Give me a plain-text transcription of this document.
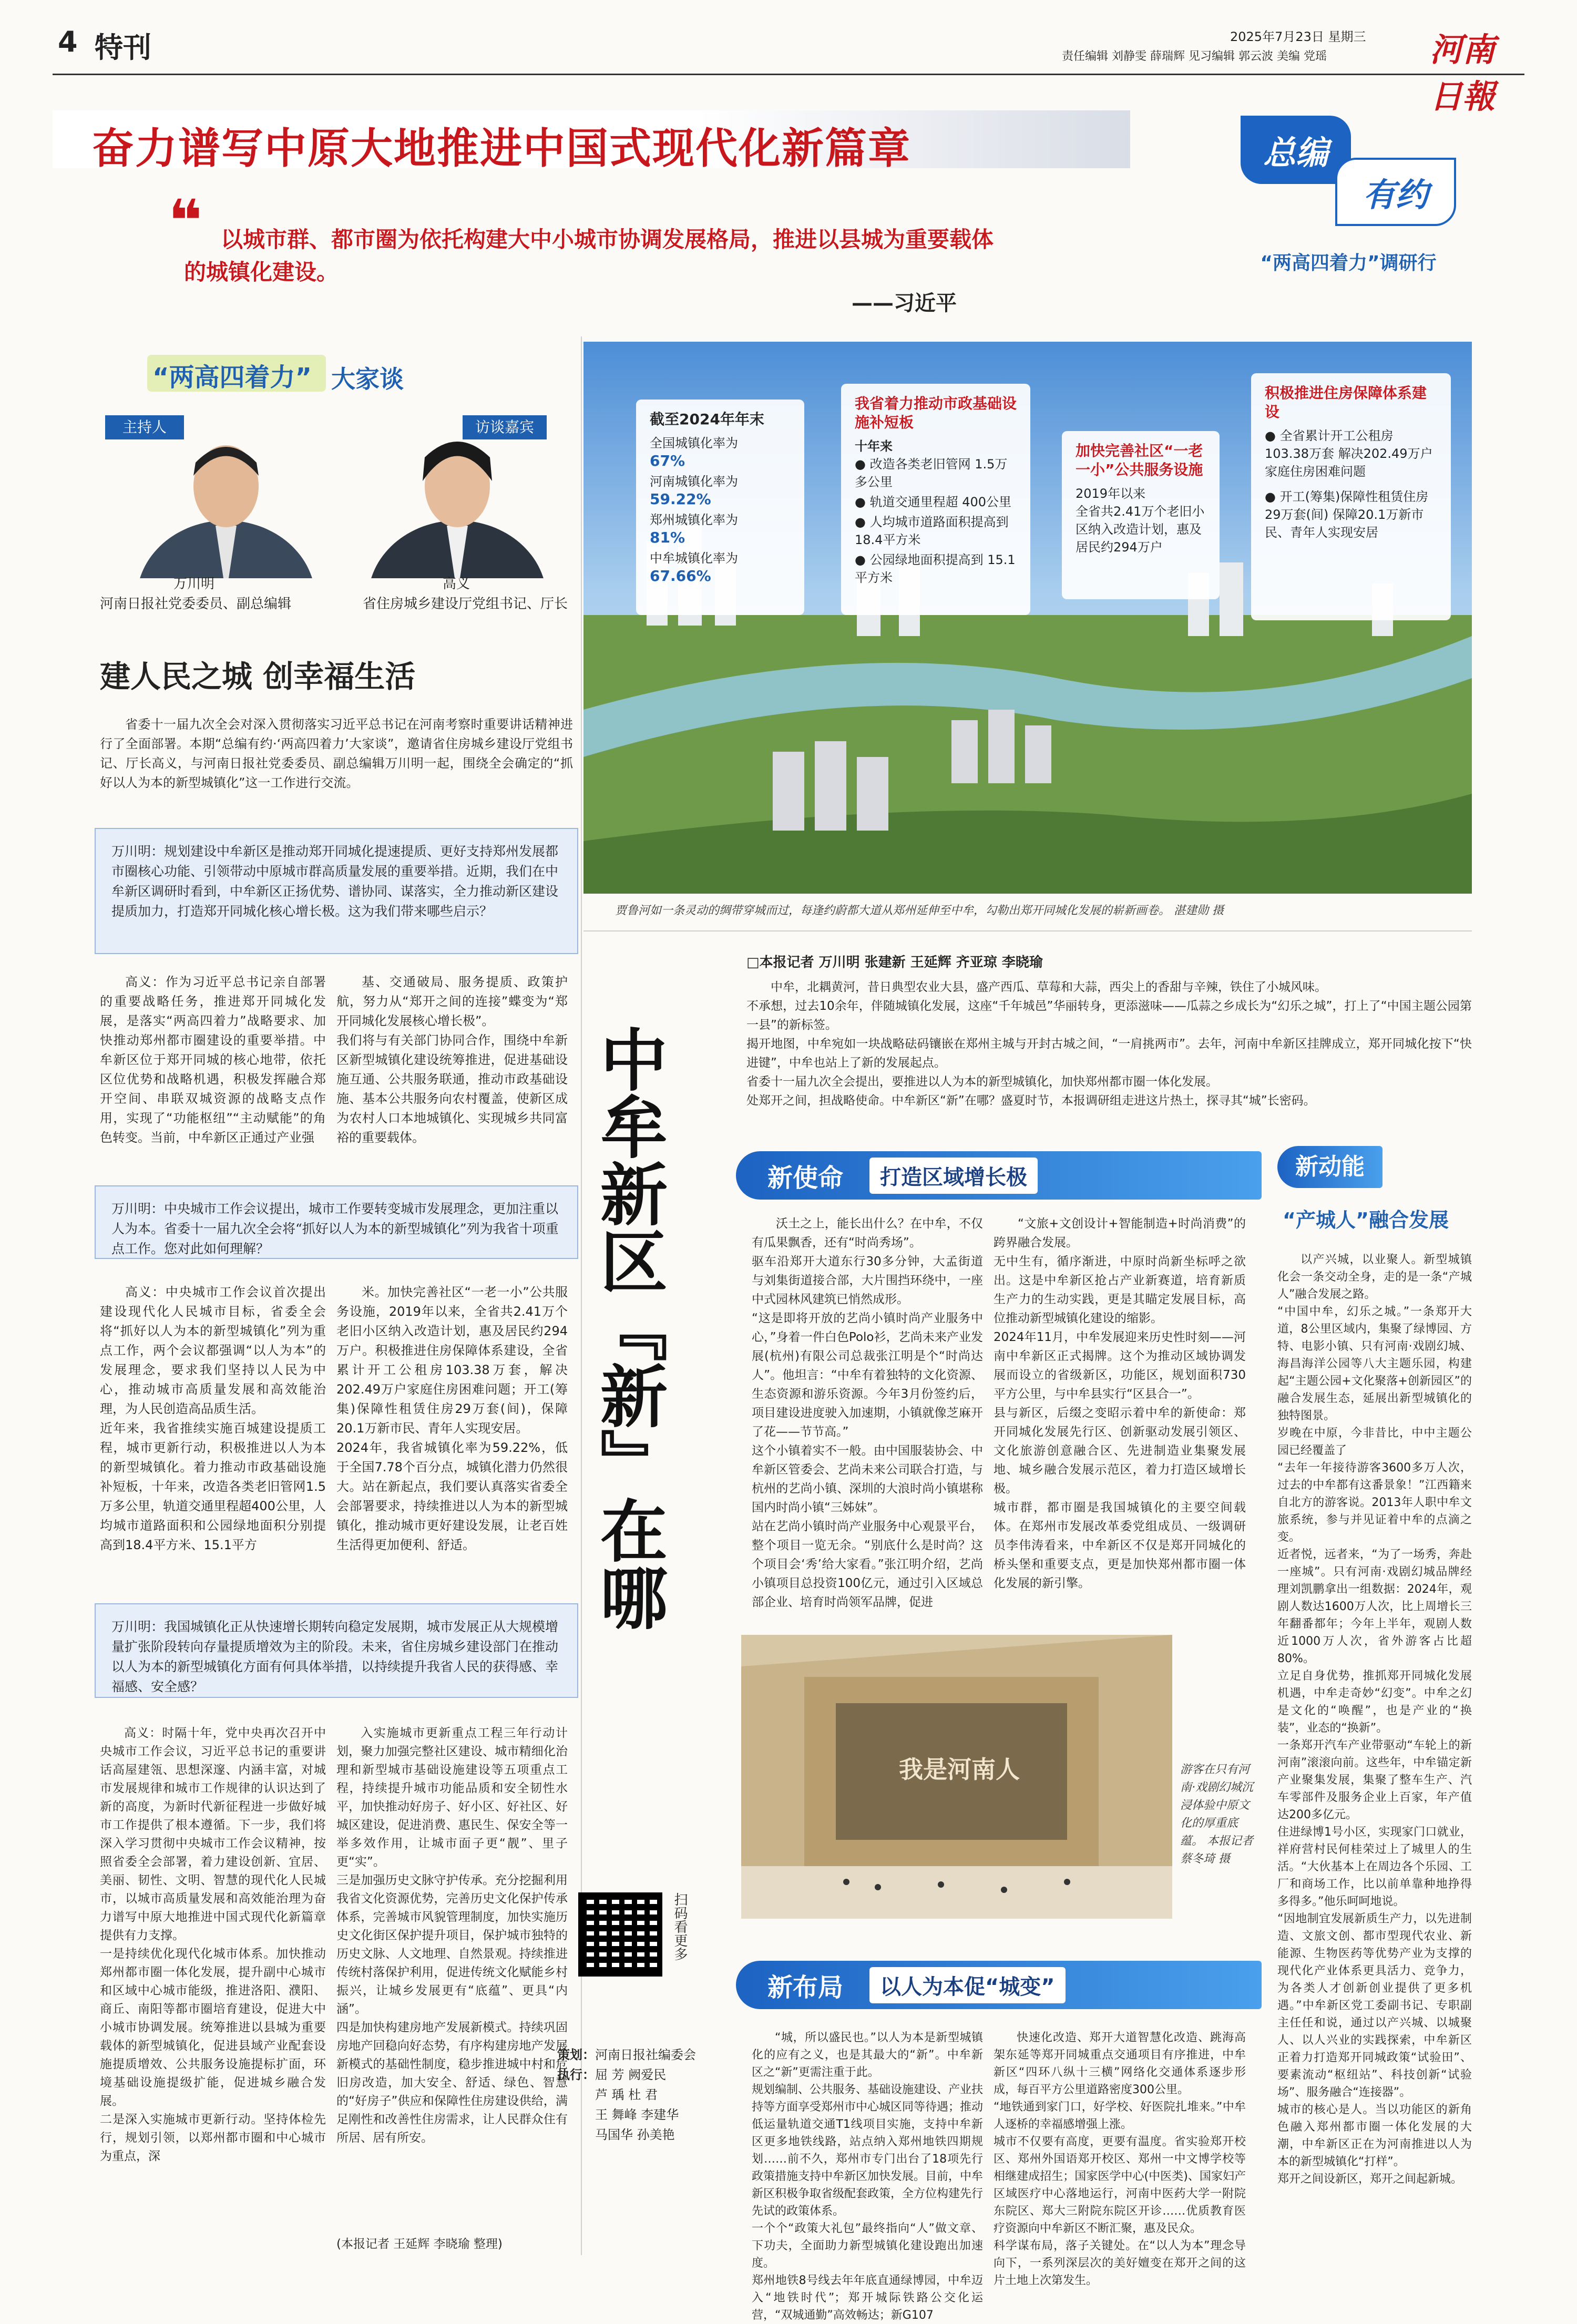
4 特刊	2025年7月23日 星期三
责任编辑 刘静雯 薛瑞辉 见习编辑 郭云波 美编 党瑶	河南日報
奋力谱写中原大地推进中国式现代化新篇章	总编
有约
“两高四着力”调研行
❝ 以城市群、都市圈为依托构建大中小城市协调发展格局，推进以县城为重要载体的城镇化建设。
——习近平
“两高四着力” 大家谈
主持人	访谈嘉宾
万川明
河南日报社党委委员、副总编辑
高义
省住房城乡建设厅党组书记、厅长
建人民之城 创幸福生活

省委十一届九次全会对深入贯彻落实习近平总书记在河南考察时重要讲话精神进行了全面部署。本期“总编有约·‘两高四着力’大家谈”，邀请省住房城乡建设厅党组书记、厅长高义，与河南日报社党委委员、副总编辑万川明一起，围绕全会确定的“抓好以人为本的新型城镇化”这一工作进行交流。

万川明：规划建设中牟新区是推动郑开同城化提速提质、更好支持郑州发展都市圈核心功能、引领带动中原城市群高质量发展的重要举措。近期，我们在中牟新区调研时看到，中牟新区正扬优势、谱协同、谋落实，全力推动新区建设提质加力，打造郑开同城化核心增长极。这为我们带来哪些启示？

高义：作为习近平总书记亲自部署的重要战略任务，推进郑开同城化发展，是落实“两高四着力”战略要求、加快推动郑州都市圈建设的重要举措。中牟新区位于郑开同城的核心地带，依托区位优势和战略机遇，积极发挥融合郑开空间、串联双城资源的战略支点作用，实现了“功能枢纽”“主动赋能”的角色转变。当前，中牟新区正通过产业强

基、交通破局、服务提质、政策护航，努力从“郑开之间的连接”蝶变为“郑开同城化发展核心增长极”。
我们将与有关部门协同合作，围绕中牟新区新型城镇化建设统筹推进，促进基础设施互通、公共服务联通，推动市政基础设施、基本公共服务向农村覆盖，使新区成为农村人口本地城镇化、实现城乡共同富裕的重要载体。

万川明：中央城市工作会议提出，城市工作要转变城市发展理念，更加注重以人为本。省委十一届九次全会将“抓好以人为本的新型城镇化”列为我省十项重点工作。您对此如何理解？

高义：中央城市工作会议首次提出建设现代化人民城市目标，省委全会将“抓好以人为本的新型城镇化”列为重点工作，两个会议都强调“以人为本”的发展理念，要求我们坚持以人民为中心，推动城市高质量发展和高效能治理，为人民创造高品质生活。
近年来，我省推续实施百城建设提质工程，城市更新行动，积极推进以人为本的新型城镇化。着力推动市政基础设施补短板，十年来，改造各类老旧管网1.5万多公里，轨道交通里程超400公里，人均城市道路面积和公园绿地面积分别提高到18.4平方米、15.1平方

米。加快完善社区“一老一小”公共服务设施，2019年以来，全省共2.41万个老旧小区纳入改造计划，惠及居民约294万户。积极推进住房保障体系建设，全省累计开工公租房103.38万套，解决202.49万户家庭住房困难问题；开工(筹集)保障性租赁住房29万套(间)，保障20.1万新市民、青年人实现安居。
2024年，我省城镇化率为59.22%，低于全国7.78个百分点，城镇化潜力仍然很大。站在新起点，我们要认真落实省委全会部署要求，持续推进以人为本的新型城镇化，推动城市更好建设发展，让老百姓生活得更加便利、舒适。

万川明：我国城镇化正从快速增长期转向稳定发展期，城市发展正从大规模增量扩张阶段转向存量提质增效为主的阶段。未来，省住房城乡建设部门在推动以人为本的新型城镇化方面有何具体举措，以持续提升我省人民的获得感、幸福感、安全感？

高义：时隔十年，党中央再次召开中央城市工作会议，习近平总书记的重要讲话高屋建瓴、思想深邃、内涵丰富，对城市发展规律和城市工作规律的认识达到了新的高度，为新时代新征程进一步做好城市工作提供了根本遵循。下一步，我们将深入学习贯彻中央城市工作会议精神，按照省委全会部署，着力建设创新、宜居、美丽、韧性、文明、智慧的现代化人民城市，以城市高质量发展和高效能治理为奋力谱写中原大地推进中国式现代化新篇章提供有力支撑。
一是持续优化现代化城市体系。加快推动郑州都市圈一体化发展，提升副中心城市和区域中心城市能级，推进洛阳、濮阳、商丘、南阳等都市圈培育建设，促进大中小城市协调发展。统筹推进以县城为重要载体的新型城镇化，促进县域产业配套设施提质增效、公共服务设施提标扩面，环境基础设施提级扩能，促进城乡融合发展。
二是深入实施城市更新行动。坚持体检先行，规划引领，以郑州都市圈和中心城市为重点，深

入实施城市更新重点工程三年行动计划，聚力加强完整社区建设、城市精细化治理和新型城市基础设施建设等五项重点工程，持续提升城市功能品质和安全韧性水平，加快推动好房子、好小区、好社区、好城区建设，促进消费、惠民生、保安全等一举多效作用，让城市面子更“靓”、里子更“实”。
三是加强历史文脉守护传承。充分挖掘利用我省文化资源优势，完善历史文化保护传承体系，完善城市风貌管理制度，加快实施历史文化街区保护提升项目，保护城市独特的历史文脉、人文地理、自然景观。持续推进传统村落保护利用，促进传统文化赋能乡村振兴，让城乡发展更有“底蕴”、更具“内涵”。
四是加快构建房地产发展新模式。持续巩固房地产回稳向好态势，有序构建房地产发展新模式的基础性制度，稳步推进城中村和危旧房改造，加大安全、舒适、绿色、智慧的“好房子”供应和保障性住房建设供给，满足刚性和改善性住房需求，让人民群众住有所居、居有所安。

(本报记者 王延辉 李晓瑜 整理)
截至2024年年末
全国城镇化率为
67%
河南城镇化率为
59.22%
郑州城镇化率为
81%
中牟城镇化率为
67.66%
我省着力推动市政基础设施补短板
十年来
● 改造各类老旧管网 1.5万多公里
● 轨道交通里程超 400公里
● 人均城市道路面积提高到 18.4平方米
● 公园绿地面积提高到 15.1平方米
加快完善社区“一老一小”公共服务设施
2019年以来
全省共2.41万个老旧小区纳入改造计划，惠及居民约294万户
积极推进住房保障体系建设
● 全省累计开工公租房 103.38万套 解决202.49万户 家庭住房困难问题
● 开工(筹集)保障性租赁住房 29万套(间) 保障20.1万新市民、青年人实现安居
贾鲁河如一条灵动的绸带穿城而过，每逢约蔚都大道从郑州延伸至中牟，勾勒出郑开同城化发展的崭新画卷。 湛建勋 摄
中牟新区『新』在哪
□本报记者 万川明 张建新 王延辉 齐亚琼 李晓瑜

中牟，北耦黄河，昔日典型农业大县，盛产西瓜、草莓和大蒜，西尖上的香甜与辛辣，铁住了小城风味。
不承想，过去10余年，伴随城镇化发展，这座“千年城邑”华丽转身，更添滋味——瓜蒜之乡成长为“幻乐之城”，打上了“中国主题公园第一县”的新标签。
揭开地图，中牟宛如一块战略砝码镶嵌在郑州主城与开封古城之间，“一肩挑两市”。去年，河南中牟新区挂牌成立，郑开同城化按下“快进键”，中牟也站上了新的发展起点。
省委十一届九次全会提出，要推进以人为本的新型城镇化，加快郑州都市圈一体化发展。
处郑开之间，担战略使命。中牟新区“新”在哪？盛夏时节，本报调研组走进这片热土，探寻其“城”长密码。

新使命	打造区域增长极

沃土之上，能长出什么？在中牟，不仅有瓜果飘香，还有“时尚秀场”。
驱车沿郑开大道东行30多分钟，大孟街道与刘集街道接合部，大片围挡环绕中，一座中式园林风建筑已悄然成形。
“这是即将开放的艺尚小镇时尚产业服务中心，”身着一件白色Polo衫，艺尚未来产业发展(杭州)有限公司总裁张江明是个“时尚达人”。他坦言：“中牟有着独特的文化资源、生态资源和游乐资源。今年3月份签约后，项目建设进度驶入加速期，小镇就像芝麻开了花——节节高。”
这个小镇着实不一般。由中国服装协会、中牟新区管委会、艺尚未来公司联合打造，与杭州的艺尚小镇、深圳的大浪时尚小镇堪称国内时尚小镇“三姊妹”。
站在艺尚小镇时尚产业服务中心观景平台，整个项目一览无余。“别底什么是时尚？这个项目会‘秀’给大家看。”张江明介绍，艺尚小镇项目总投资100亿元，通过引入区域总部企业、培育时尚领军品牌，促进

“文旅+文创设计+智能制造+时尚消费”的跨界融合发展。
无中生有，循序渐进，中原时尚新坐标呼之欲出。这是中牟新区抢占产业新赛道，培育新质生产力的生动实践，更是其瞄定发展目标，高位推动新型城镇化建设的缩影。
2024年11月，中牟发展迎来历史性时刻——河南中牟新区正式揭牌。这个为推动区域协调发展而设立的省级新区，功能区，规划面积730平方公里，与中牟县实行“区县合一”。
县与新区，后缀之变昭示着中牟的新使命：郑开同城化发展先行区、创新驱动发展引领区、文化旅游创意融合区、先进制造业集聚发展地、城乡融合发展示范区，着力打造区域增长极。
城市群，都市圈是我国城镇化的主要空间载体。在郑州市发展改革委党组成员、一级调研员李伟涛看来，中牟新区不仅是郑开同城化的桥头堡和重要支点，更是加快郑州都市圈一体化发展的新引擎。

我是河南人	游客在只有河南·戏剧幻城沉浸体验中原文化的厚重底蕴。 本报记者 蔡冬琦 摄
新布局	以人为本促“城变”

“城，所以盛民也。”以人为本是新型城镇化的应有之义，也是其最大的“新”。中牟新区之“新”更需注重于此。
规划编制、公共服务、基础设施建设、产业扶持等方面享受郑州市中心城区同等待遇；推动低运量轨道交通T1线项目实施，支持中牟新区更多地铁线路，站点纳入郑州地铁四期规划……前不久，郑州市专门出台了18项先行政策措施支持中牟新区加快发展。目前，中牟新区积极争取省级配套政策，全方位构建先行先试的政策体系。
一个个“政策大礼包”最终指向“人”做文章、下功夫，全面助力新型城镇化建设跑出加速度。
郑州地铁8号线去年年底直通绿博园，中牟迈入“地铁时代”；郑开城际铁路公交化运营，“双城通勤”高效畅达；新G107

快速化改造、郑开大道智慧化改造、跳海高架东延等郑开同城重点交通项目有序推进，中牟新区“四环八纵十三横”网络化交通体系逐步形成，每百平方公里道路密度300公里。
“地铁通到家门口，好学校、好医院扎堆来。”中牟人逐桥的幸福感增强上涨。
城市不仅要有高度，更要有温度。省实验郑开校区、郑州外国语郑开校区、郑州一中文博学校等相继建成招生；国家医学中心(中医类)、国家妇产区域医疗中心落地运行，河南中医药大学一附院东院区、郑大三附院东院区开诊……优质教育医疗资源向中牟新区不断汇聚，惠及民众。
科学谋布局，落子关键处。在“以人为本”理念导向下，一系列深层次的美好嬗变在郑开之间的这片土地上次第发生。

新动能
“产城人”融合发展

以产兴城，以业聚人。新型城镇化会一条交动全身，走的是一条“产城人”融合发展之路。
“中国中牟，幻乐之城。”一条郑开大道，8公里区域内，集聚了绿博园、方特、电影小镇、只有河南·戏剧幻城、海昌海洋公园等八大主题乐园，构建起“主题公园+文化聚落+创新园区”的融合发展生态，延展出新型城镇化的独特图景。
岁晚在中原，今非昔比，中中主题公园已经覆盖了
“去年一年接待游客3600多万人次，过去的中牟都有这番景象！”江西籍来自北方的游客说。2013年人职中牟文旅系统，参与并见证着中牟的点滴之变。
近者悦，远者来，“为了一场秀，奔赴一座城”。只有河南·戏剧幻城品牌经理刘凯鹏拿出一组数据：2024年，观剧人数达1600万人次，比上周增长三年翻番都年；今年上半年，观剧人数近1000万人次，省外游客占比超80%。
立足自身优势，推抓郑开同城化发展机遇，中牟走奇妙“幻变”。中牟之幻是文化的“唤醒”，也是产业的“换装”，业态的“换新”。
一条郑开汽车产业带驱动“车轮上的新河南”滚滚向前。这些年，中牟锚定新产业聚集发展，集聚了整车生产、汽车零部件及服务企业上百家，年产值达200多亿元。
住进绿博1号小区，实现家门口就业，祥府营村民何桂荣过上了城里人的生活。“大伙基本上在周边各个乐园、工厂和商场工作，比以前单靠种地挣得多得多。”他乐呵呵地说。
“因地制宜发展新质生产力，以先进制造、文旅文创、都市型现代农业、新能源、生物医药等优势产业为支撑的现代化产业体系更具活力、竞争力，为各类人才创新创业提供了更多机遇。”中牟新区党工委副书记、专职副主任任和说，通过以产兴城、以城聚人、以人兴业的实践探索，中牟新区正着力打造郑开同城政策“试验田”、要素流动“枢纽站”、科技创新“试验场”、服务融合“连接器”。
城市的核心是人。当以功能区的新角色融入郑州都市圈一体化发展的大潮，中牟新区正在为河南推进以人为本的新型城镇化“打样”。
郑开之间设新区，郑开之间起新城。

扫码看更多
策划：河南日报社编委会
执行：屈 芳 阙爱民
芦 瑀 杜 君
王 舞峰 李建华
马国华 孙美艳
